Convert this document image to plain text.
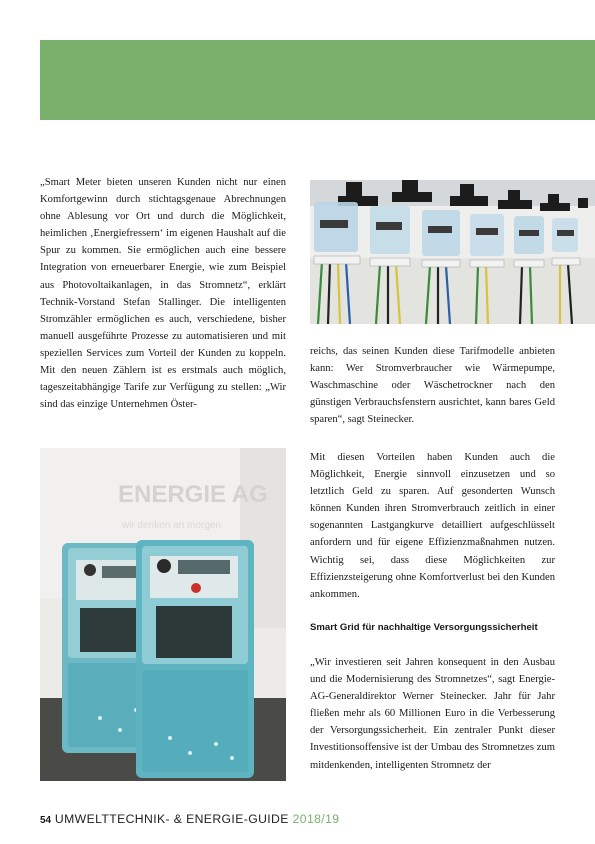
„Smart Meter bieten unseren Kunden nicht nur einen Komfortgewinn durch stichtagsgenaue Abrechnungen ohne Ablesung vor Ort und durch die Möglichkeit, heimlichen ‚Energiefressern‘ im eigenen Haushalt auf die Spur zu kommen. Sie ermöglichen auch eine bessere Integration von erneuerbarer Energie, wie zum Beispiel aus Photovoltaikanlagen, in das Stromnetz“, erklärt Technik-Vorstand Stefan Stallinger. Die intelligenten Stromzähler ermöglichen es auch, verschiedene, bisher manuell ausgeführte Prozesse zu automatisieren und mit speziellen Services zum Vorteil der Kunden zu koppeln. Mit den neuen Zählern ist es erstmals auch möglich, tageszeitabhängige Tarife zur Verfügung zu stellen: „Wir sind das einzige Unternehmen Öster-

reichs, das seinen Kunden diese Tarifmodelle anbieten kann: Wer Stromverbraucher wie Wärmepumpe, Waschmaschine oder Wäschetrockner nach den günstigen Verbrauchsfenstern ausrichtet, kann bares Geld sparen“, sagt Steinecker.

Mit diesen Vorteilen haben Kunden auch die Möglichkeit, Energie sinnvoll einzusetzen und so letztlich Geld zu sparen. Auf gesonderten Wunsch können Kunden ihren Stromverbrauch zeitlich in einer sogenannten Lastgangkurve detailliert aufgeschlüsselt anfordern und für eigene Effizienzmaßnahmen nutzen. Wichtig sei, dass diese Möglichkeiten zur Effizienzsteigerung ohne Komfortverlust bei den Kunden ankommen.

Smart Grid für nachhaltige Versorgungssicherheit

„Wir investieren seit Jahren konsequent in den Ausbau und die Modernisierung des Stromnetzes“, sagt Energie-AG-Generaldirektor Werner Steinecker. Jahr für Jahr fließen mehr als 60 Millionen Euro in die Verbesserung der Versorgungssicherheit. Ein zentraler Punkt dieser Investitionsoffensive ist der Umbau des Stromnetzes zum mitdenkenden, intelligenten Stromnetz der

ENERGIE AG
wir denken an morgen
54 UMWELTTECHNIK- & ENERGIE-GUIDE 2018/19
